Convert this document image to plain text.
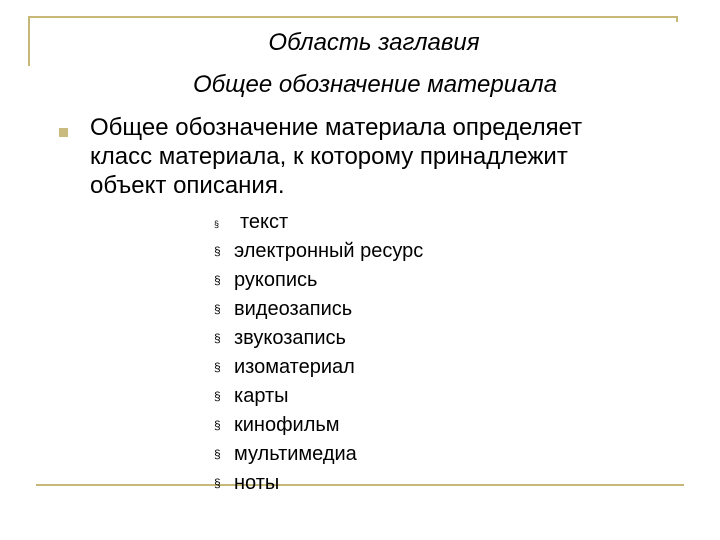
Область заглавия
Общее обозначение материала
Общее обозначение материала определяет класс материала, к которому принадлежит объект описания.
§ текст
§ электронный ресурс
§ рукопись
§ видеозапись
§ звукозапись
§ изоматериал
§ карты
§ кинофильм
§ мультимедиа
§ ноты
